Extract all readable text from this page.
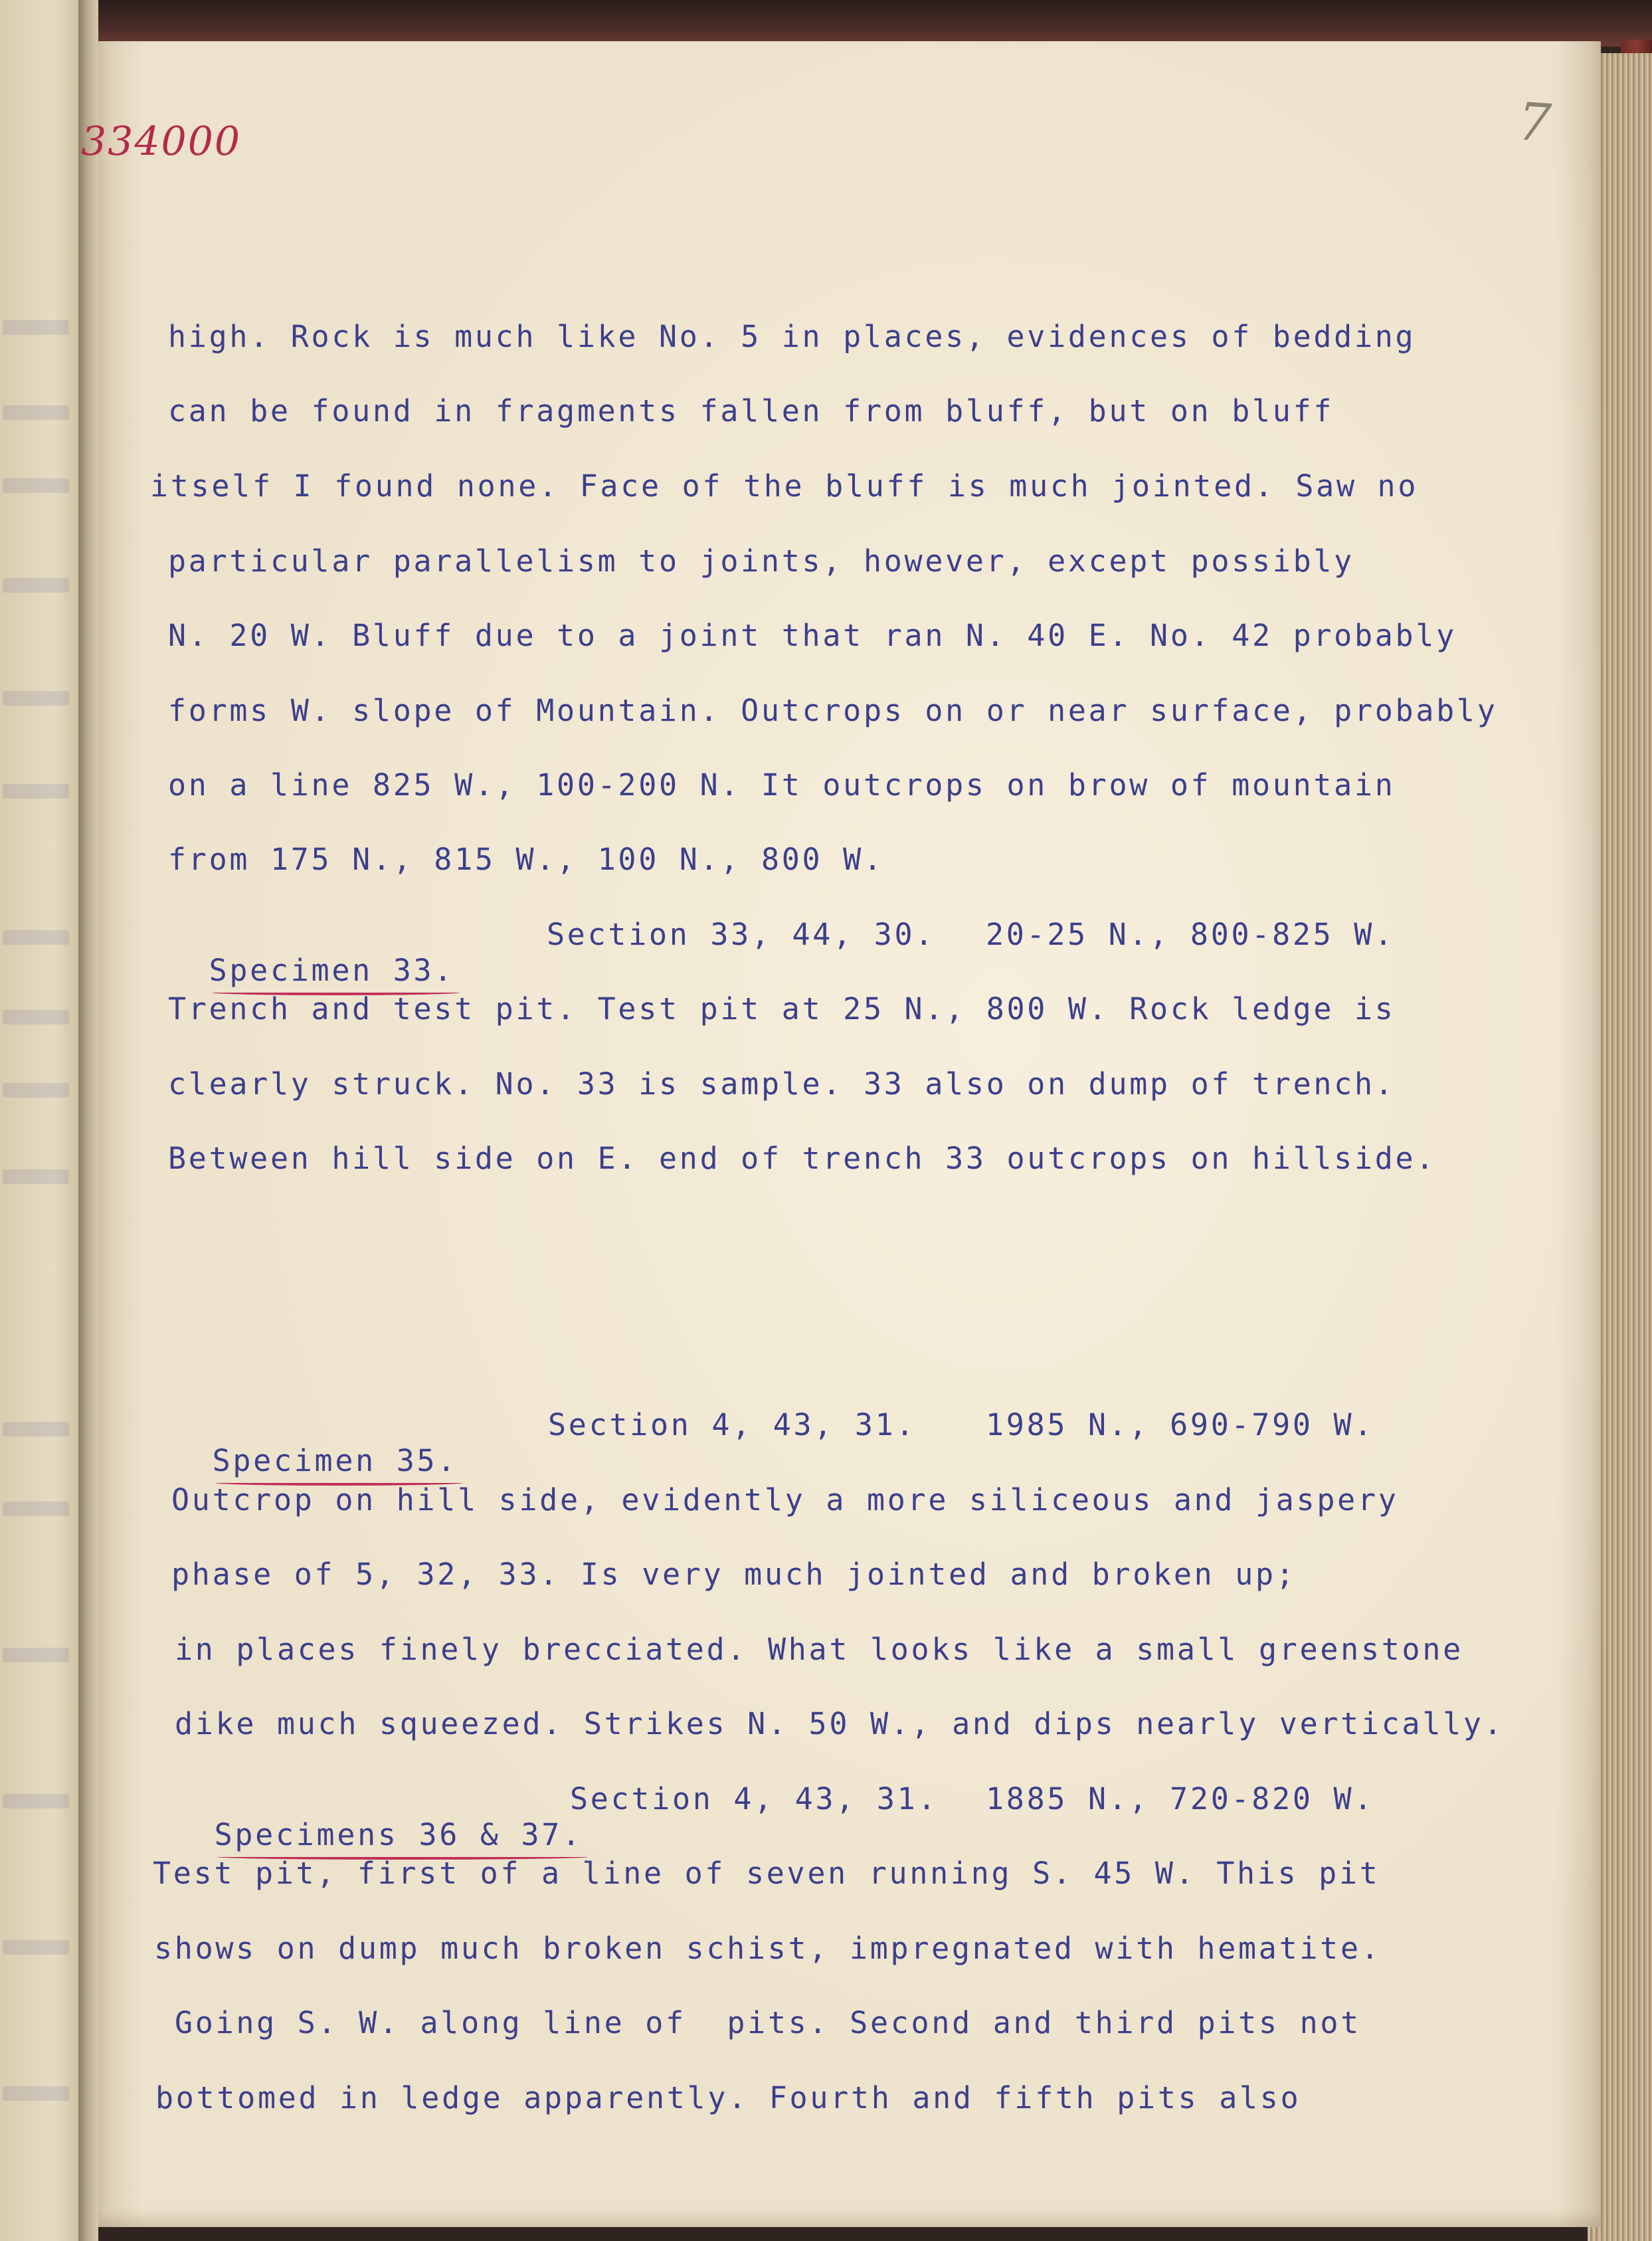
334000	7
high. Rock is much like No. 5 in places, evidences of bedding
can be found in fragments fallen from bluff, but on bluff
itself I found none. Face of the bluff is much jointed. Saw no
particular parallelism to joints, however, except possibly
N. 20 W. Bluff due to a joint that ran N. 40 E. No. 42 probably
forms W. slope of Mountain. Outcrops on or near surface, probably
on a line 825 W., 100-200 N. It outcrops on brow of mountain
from 175 N., 815 W., 100 N., 800 W.

Specimen 33.

Section 33, 44, 30. 20-25 N., 800-825 W.
Trench and test pit. Test pit at 25 N., 800 W. Rock ledge is
clearly struck. No. 33 is sample. 33 also on dump of trench.
Between hill side on E. end of trench 33 outcrops on hillside.

Specimen 35.

Section 4, 43, 31. 1985 N., 690-790 W.
Outcrop on hill side, evidently a more siliceous and jaspery
phase of 5, 32, 33. Is very much jointed and broken up;
in places finely brecciated. What looks like a small greenstone
dike much squeezed. Strikes N. 50 W., and dips nearly vertically.

Specimens 36 & 37.

Section 4, 43, 31. 1885 N., 720-820 W.
Test pit, first of a line of seven running S. 45 W. This pit
shows on dump much broken schist, impregnated with hematite.
Going S. W. along line of  pits. Second and third pits not
bottomed in ledge apparently. Fourth and fifth pits also
